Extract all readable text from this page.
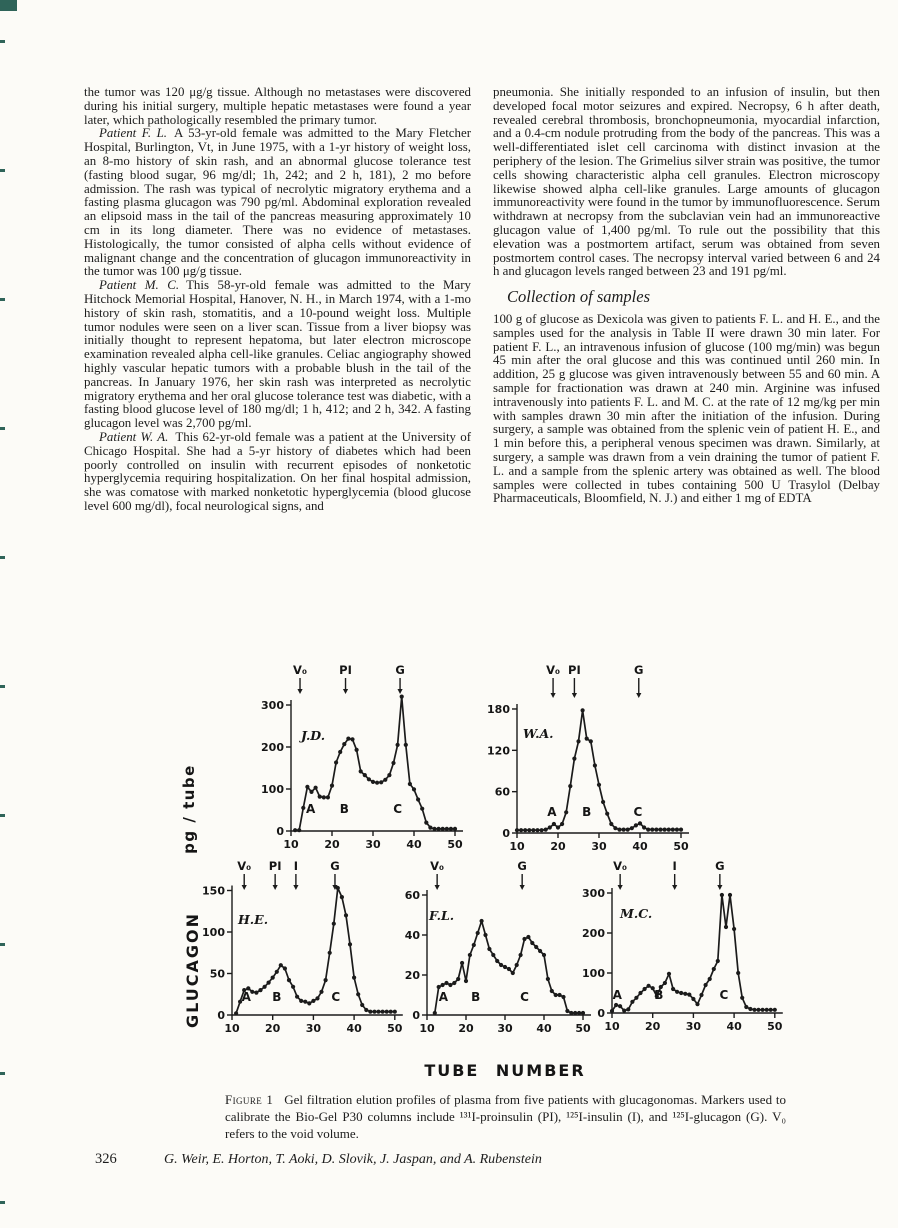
the tumor was 120 μg/g tissue. Although no metastases were discovered during his initial surgery, multiple hepatic metastases were found a year later, which pathologically resembled the primary tumor.

Patient F. L. A 53-yr-old female was admitted to the Mary Fletcher Hospital, Burlington, Vt, in June 1975, with a 1-yr history of weight loss, an 8-mo history of skin rash, and an abnormal glucose tolerance test (fasting blood sugar, 96 mg/dl; 1h, 242; and 2 h, 181), 2 mo before admission. The rash was typical of necrolytic migratory erythema and a fasting plasma glucagon was 790 pg/ml. Abdominal exploration revealed an elipsoid mass in the tail of the pancreas measuring approximately 10 cm in its long diameter. There was no evidence of metastases. Histologically, the tumor consisted of alpha cells without evidence of malignant change and the concentration of glucagon immunoreactivity in the tumor was 100 μg/g tissue.

Patient M. C. This 58-yr-old female was admitted to the Mary Hitchock Memorial Hospital, Hanover, N. H., in March 1974, with a 1-mo history of skin rash, stomatitis, and a 10-pound weight loss. Multiple tumor nodules were seen on a liver scan. Tissue from a liver biopsy was initially thought to represent hepatoma, but later electron microscope examination revealed alpha cell-like granules. Celiac angiography showed highly vascular hepatic tumors with a probable blush in the tail of the pancreas. In January 1976, her skin rash was interpreted as necrolytic migratory erythema and her oral glucose tolerance test was diabetic, with a fasting blood glucose level of 180 mg/dl; 1 h, 412; and 2 h, 342. A fasting glucagon level was 2,700 pg/ml.

Patient W. A. This 62-yr-old female was a patient at the University of Chicago Hospital. She had a 5-yr history of diabetes which had been poorly controlled on insulin with recurrent episodes of nonketotic hyperglycemia requiring hospitalization. On her final hospital admission, she was comatose with marked nonketotic hyperglycemia (blood glucose level 600 mg/dl), focal neurological signs, and

pneumonia. She initially responded to an infusion of insulin, but then developed focal motor seizures and expired. Necropsy, 6 h after death, revealed cerebral thrombosis, bronchopneumonia, myocardial infarction, and a 0.4-cm nodule protruding from the body of the pancreas. This was a well-differentiated islet cell carcinoma with distinct invasion at the periphery of the lesion. The Grimelius silver strain was positive, the tumor cells showing characteristic alpha cell granules. Electron microscopy likewise showed alpha cell-like granules. Large amounts of glucagon immunoreactivity were found in the tumor by immunofluorescence. Serum withdrawn at necropsy from the subclavian vein had an immunoreactive glucagon value of 1,400 pg/ml. To rule out the possibility that this elevation was a postmortem artifact, serum was obtained from seven postmortem control cases. The necropsy interval varied between 6 and 24 h and glucagon levels ranged between 23 and 191 pg/ml.

Collection of samples

100 g of glucose as Dexicola was given to patients F. L. and H. E., and the samples used for the analysis in Table II were drawn 30 min later. For patient F. L., an intravenous infusion of glucose (100 mg/min) was begun 45 min after the oral glucose and this was continued until 260 min. In addition, 25 g glucose was given intravenously between 55 and 60 min. A sample for fractionation was drawn at 240 min. Arginine was infused intravenously into patients F. L. and M. C. at the rate of 12 mg/kg per min with samples drawn 30 min after the initiation of the infusion. During surgery, a sample was obtained from the splenic vein of patient H. E., and 1 min before this, a peripheral venous specimen was drawn. Similarly, at surgery, a sample was drawn from a vein draining the tumor of patient F. L. and a sample from the splenic artery was obtained as well. The blood samples were collected in tubes containing 500 U Trasylol (Delbay Pharmaceuticals, Bloomfield, N. J.) and either 1 mg of EDTA

0
100
200
300
10 20 30 40 50
V₀	PI	G
A B	C
J.D.
0
60
120
180
10 20 30 40 50
V₀ PI	G
A B	C
W.A.
0
50
100
150
10 20 30 40 50
V₀ PI I	G
A B	C
H.E.
0
20
40
60
10 20 30 40 50
V₀	G
A B	C
F.L.
0
100
200
300
10 20 30 40 50
V₀	I	G
A	B	C
M.C.
pg / tube
GLUCAGON
TUBE NUMBER
Figure 1 Gel filtration elution profiles of plasma from five patients with glucagonomas. Markers used to calibrate the Bio-Gel P30 columns include ¹³¹I-proinsulin (PI), ¹²⁵I-insulin (I), and ¹²⁵I-glucagon (G). V₀ refers to the void volume.
326	G. Weir, E. Horton, T. Aoki, D. Slovik, J. Jaspan, and A. Rubenstein
